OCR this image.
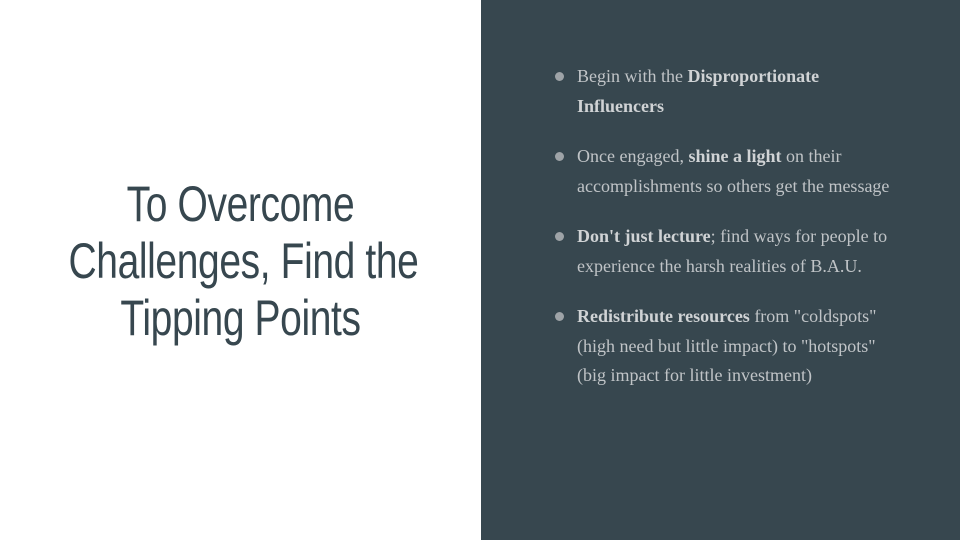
To Overcome
Challenges, Find the
Tipping Points
Begin with the Disproportionate Influencers
Once engaged, shine a light on their accomplishments so others get the message
Don't just lecture; find ways for people to experience the harsh realities of B.A.U.
Redistribute resources from "coldspots" (high need but little impact) to "hotspots" (big impact for little investment)
